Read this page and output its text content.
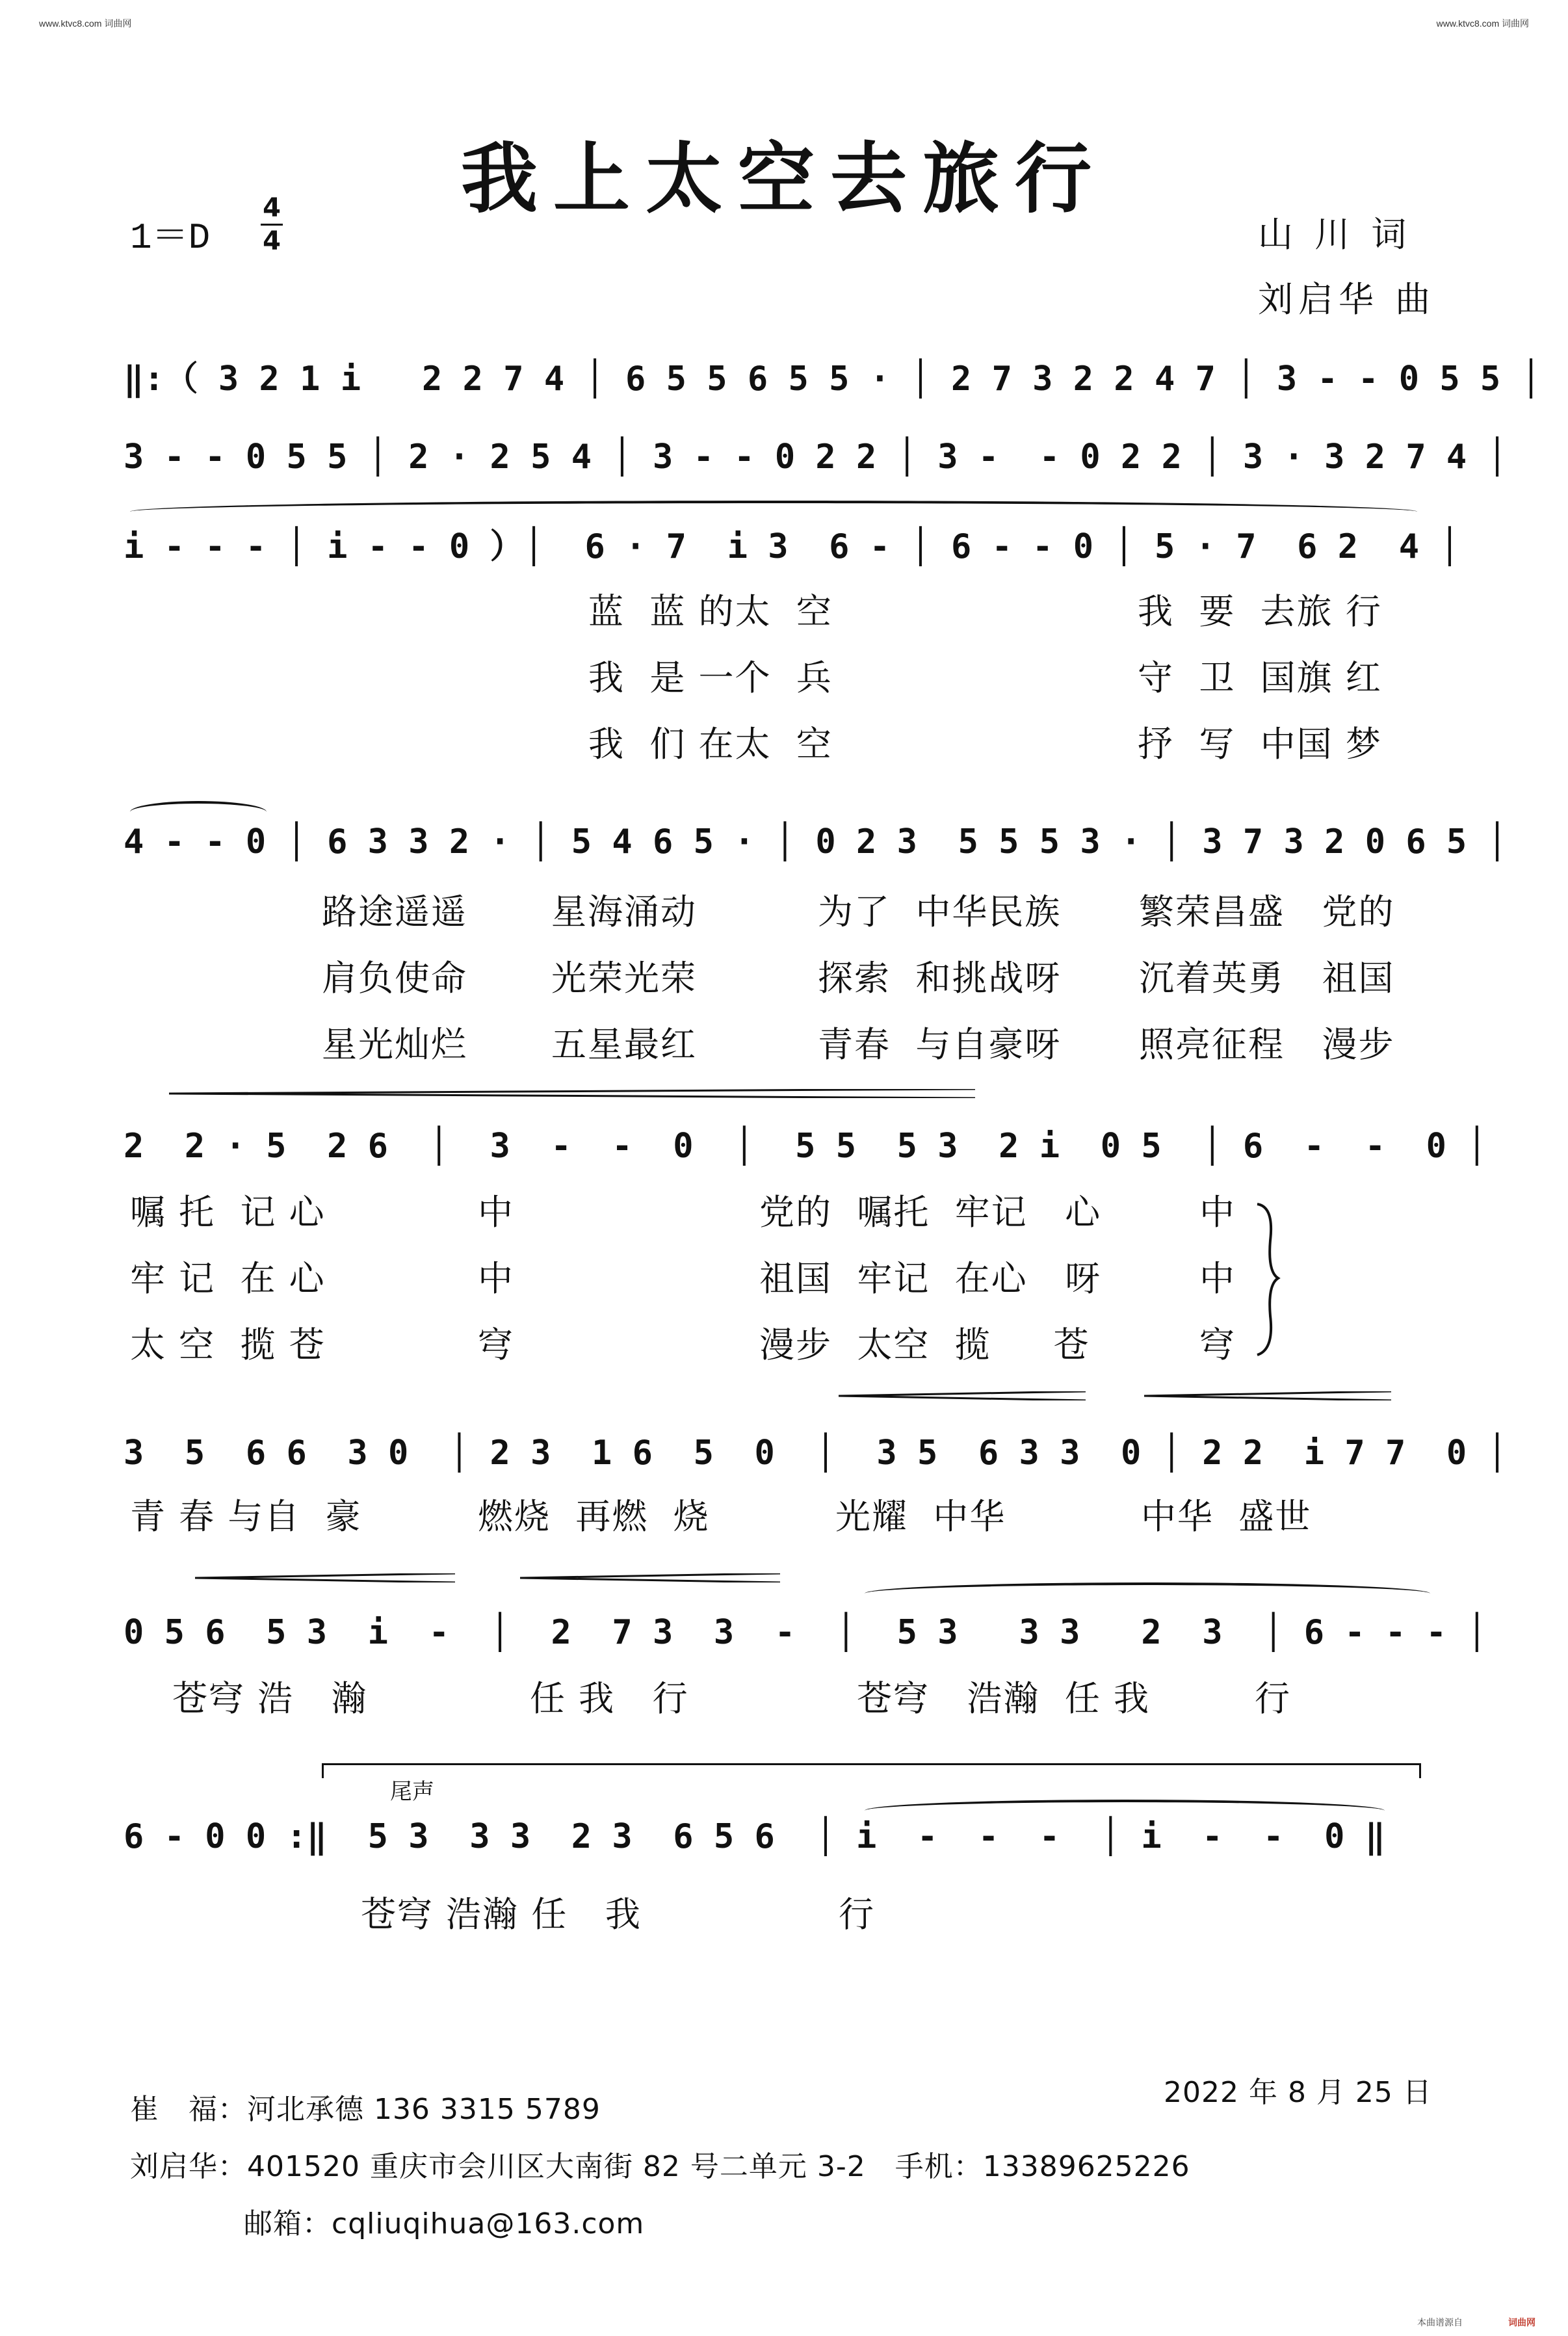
www.ktvc8.com 词曲网	www.ktvc8.com 词曲网
我上太空去旅行
1＝D
4
4	山 川 词
刘启华 曲
‖:（ 3 2 1 i   2 2 7 4 │ 6 5 5 6 5 5 · │ 2 7 3 2 2 4 7 │ 3 - - 0 5 5 │
3 - - 0 5 5 │ 2 · 2 5 4 │ 3 - - 0 2 2 │ 3 -  - 0 2 2 │ 3 · 3 2 7 4 │
i - - - │ i - - 0 ）│  6 · 7  i 3  6 - │ 6 - - 0 │ 5 · 7  6 2  4 │
蓝  蓝 的太  空	我  要  去旅 行
我  是 一个  兵	守  卫  国旗 红
我  们 在太  空	抒  写  中国 梦
4 - - 0 │ 6 3 3 2 · │ 5 4 6 5 · │ 0 2 3  5 5 5 3 · │ 3 7 3 2 0 6 5 │
路途遥遥 星海涌动	为了  中华民族 繁荣昌盛   党的
肩负使命 光荣光荣	探索  和挑战呀 沉着英勇   祖国
星光灿烂 五星最红	青春  与自豪呀 照亮征程   漫步
2  2 · 5  2 6  │  3  -  -  0  │  5 5  5 3  2 i  0 5  │ 6  -  -  0 │
嘱 托  记 心	中	党的  嘱托  牢记   心	中
牢 记  在 心	中	祖国  牢记  在心   呀	中
太 空  揽 苍	穹	漫步  太空  揽     苍	穹
3  5  6 6  3 0  │ 2 3  1 6  5  0  │  3 5  6 3 3  0 │ 2 2  i 7 7  0 │
青 春 与自  豪	燃烧  再燃  烧	光耀  中华	中华  盛世
0 5 6  5 3  i  -  │  2  7 3  3  -  │  5 3   3 3   2  3  │ 6 - - - │
苍穹 浩   瀚	任 我   行	苍穹   浩瀚  任 我	行
尾声
6 - 0 0 :‖  5 3  3 3  2 3  6 5 6  │ i  -  -  -  │ i  -  -  0 ‖
苍穹 浩瀚 任   我	行
2022 年 8 月 25 日
崔   福：河北承德 136 3315 5789
刘启华：401520 重庆市会川区大南街 82 号二单元 3-2   手机：13389625226
邮箱：cqliuqihua@163.com
本曲谱源自	词曲网
